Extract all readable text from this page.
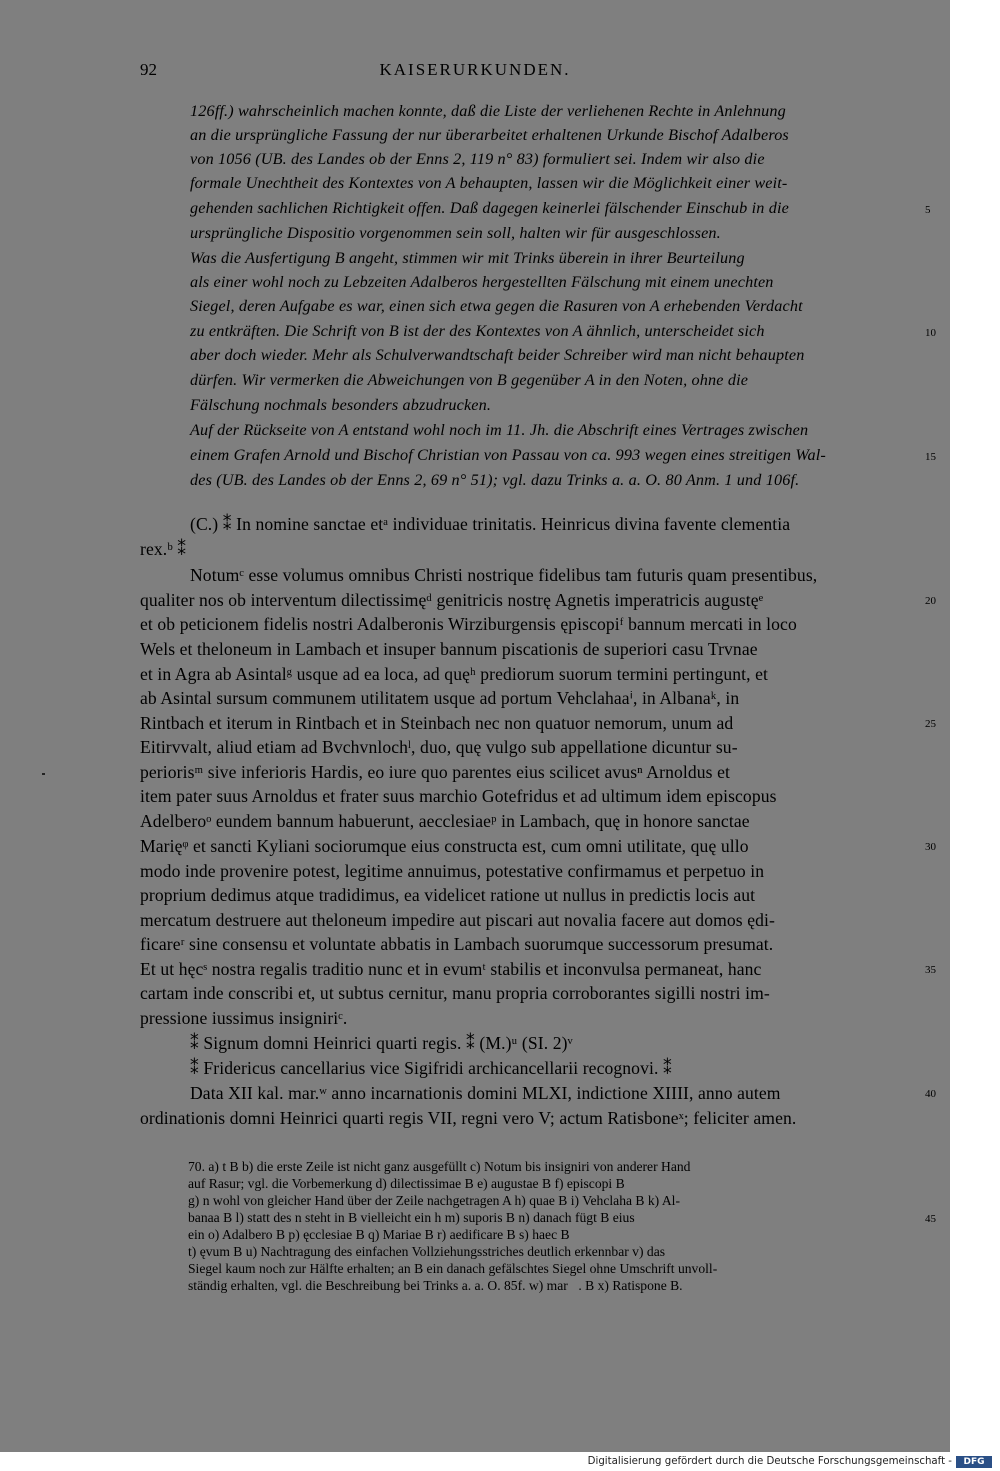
92	KAISERURKUNDEN.
126ff.) wahrscheinlich machen konnte, daß die Liste der verliehenen Rechte in Anlehnung
an die ursprüngliche Fassung der nur überarbeitet erhaltenen Urkunde Bischof Adalberos
von 1056 (UB. des Landes ob der Enns 2, 119 n° 83) formuliert sei. Indem wir also die
formale Unechtheit des Kontextes von A behaupten, lassen wir die Möglichkeit einer weit-
gehenden sachlichen Richtigkeit offen. Daß dagegen keinerlei fälschender Einschub in die
ursprüngliche Dispositio vorgenommen sein soll, halten wir für ausgeschlossen.
Was die Ausfertigung B angeht, stimmen wir mit Trinks überein in ihrer Beurteilung
als einer wohl noch zu Lebzeiten Adalberos hergestellten Fälschung mit einem unechten
Siegel, deren Aufgabe es war, einen sich etwa gegen die Rasuren von A erhebenden Verdacht
zu entkräften. Die Schrift von B ist der des Kontextes von A ähnlich, unterscheidet sich
aber doch wieder. Mehr als Schulverwandtschaft beider Schreiber wird man nicht behaupten
dürfen. Wir vermerken die Abweichungen von B gegenüber A in den Noten, ohne die
Fälschung nochmals besonders abzudrucken.
Auf der Rückseite von A entstand wohl noch im 11. Jh. die Abschrift eines Vertrages zwischen
einem Grafen Arnold und Bischof Christian von Passau von ca. 993 wegen eines streitigen Wal-
des (UB. des Landes ob der Enns 2, 69 n° 51); vgl. dazu Trinks a. a. O. 80 Anm. 1 und 106f.
(C.) ⁑ In nomine sanctae etᵃ individuae trinitatis. Heinricus divina favente clementia
rex.ᵇ ⁑
Notumᶜ esse volumus omnibus Christi nostrique fidelibus tam futuris quam presentibus,
qualiter nos ob interventum dilectissimęᵈ genitricis nostrę Agnetis imperatricis augustęᵉ
et ob peticionem fidelis nostri Adalberonis Wirziburgensis ępiscopiᶠ bannum mercati in loco
Wels et theloneum in Lambach et insuper bannum piscationis de superiori casu Trvnae
et in Agra ab Asintalᵍ usque ad ea loca, ad quęʰ prediorum suorum termini pertingunt, et
ab Asintal sursum communem utilitatem usque ad portum Vehclahaaⁱ, in Albanaᵏ, in
Rintbach et iterum in Rintbach et in Steinbach nec non quatuor nemorum, unum ad
Eitirvvalt, aliud etiam ad Bvchvnlochˡ, duo, quę vulgo sub appellatione dicuntur su-
periorisᵐ sive inferioris Hardis, eo iure quo parentes eius scilicet avusⁿ Arnoldus et
item pater suus Arnoldus et frater suus marchio Gotefridus et ad ultimum idem episcopus
Adelberoᵒ eundem bannum habuerunt, aecclesiaeᵖ in Lambach, quę in honore sanctae
Marięᵠ et sancti Kyliani sociorumque eius constructa est, cum omni utilitate, quę ullo
modo inde provenire potest, legitime annuimus, potestative confirmamus et perpetuo in
proprium dedimus atque tradidimus, ea videlicet ratione ut nullus in predictis locis aut
mercatum destruere aut theloneum impedire aut piscari aut novalia facere aut domos ędi-
ficareʳ sine consensu et voluntate abbatis in Lambach suorumque successorum presumat.
Et ut hęcˢ nostra regalis traditio nunc et in evumᵗ stabilis et inconvulsa permaneat, hanc
cartam inde conscribi et, ut subtus cernitur, manu propria corroborantes sigilli nostri im-
pressione iussimus insigniriᶜ.
⁑ Signum domni Heinrici quarti regis. ⁑ (M.)ᵘ (SI. 2)ᵛ
⁑ Fridericus cancellarius vice Sigifridi archicancellarii recognovi. ⁑
Data XII kal. mar.ʷ anno incarnationis domini MLXI, indictione XIIII, anno autem
ordinationis domni Heinrici quarti regis VII, regni vero V; actum Ratisboneˣ; feliciter amen.
70. a) t B b) die erste Zeile ist nicht ganz ausgefüllt c) Notum bis insigniri von anderer Hand
auf Rasur; vgl. die Vorbemerkung d) dilectissimae B e) augustae B f) episcopi B
g) n wohl von gleicher Hand über der Zeile nachgetragen A h) quae B i) Vehclaha B k) Al-
banaa B l) statt des n steht in B vielleicht ein h m) suporis B n) danach fügt B eius
ein o) Adalbero B p) ęcclesiae B q) Mariae B r) aedificare B s) haec B
t) ęvum B u) Nachtragung des einfachen Vollziehungsstriches deutlich erkennbar v) das
Siegel kaum noch zur Hälfte erhalten; an B ein danach gefälschtes Siegel ohne Umschrift unvoll-
ständig erhalten, vgl. die Beschreibung bei Trinks a. a. O. 85f. w) marᷓ. B x) Ratispone B.
5
10
15
20
25
30
35
40
45
Digitalisierung gefördert durch die Deutsche Forschungsgemeinschaft -	DFG
